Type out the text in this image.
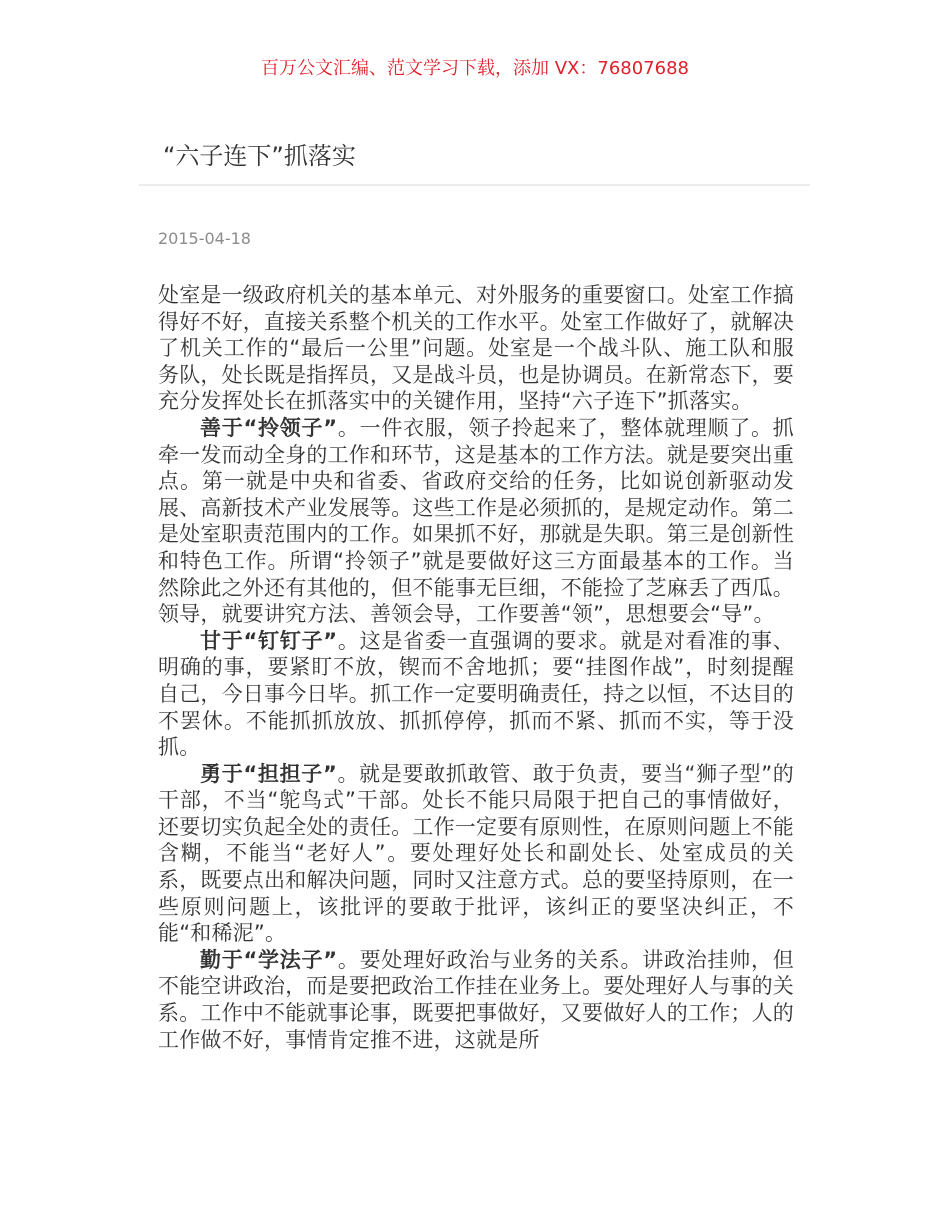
百万公文汇编、范文学习下载，添加 VX：76807688
“六子连下”抓落实
2015-04-18

处室是一级政府机关的基本单元、对外服务的重要窗口。处室工作搞得好不好，直接关系整个机关的工作水平。处室工作做好了，就解决了机关工作的“最后一公里”问题。处室是一个战斗队、施工队和服务队，处长既是指挥员，又是战斗员，也是协调员。在新常态下，要充分发挥处长在抓落实中的关键作用，坚持“六子连下”抓落实。

善于“拎领子”。一件衣服，领子拎起来了，整体就理顺了。抓牵一发而动全身的工作和环节，这是基本的工作方法。就是要突出重点。第一就是中央和省委、省政府交给的任务，比如说创新驱动发展、高新技术产业发展等。这些工作是必须抓的，是规定动作。第二是处室职责范围内的工作。如果抓不好，那就是失职。第三是创新性和特色工作。所谓“拎领子”就是要做好这三方面最基本的工作。当然除此之外还有其他的，但不能事无巨细，不能捡了芝麻丢了西瓜。领导，就要讲究方法、善领会导，工作要善“领”，思想要会“导”。

甘于“钉钉子”。这是省委一直强调的要求。就是对看准的事、明确的事，要紧盯不放，锲而不舍地抓；要“挂图作战”，时刻提醒自己，今日事今日毕。抓工作一定要明确责任，持之以恒，不达目的不罢休。不能抓抓放放、抓抓停停，抓而不紧、抓而不实，等于没抓。

勇于“担担子”。就是要敢抓敢管、敢于负责，要当“狮子型”的干部，不当“鸵鸟式”干部。处长不能只局限于把自己的事情做好，还要切实负起全处的责任。工作一定要有原则性，在原则问题上不能含糊，不能当“老好人”。要处理好处长和副处长、处室成员的关系，既要点出和解决问题，同时又注意方式。总的要坚持原则，在一些原则问题上，该批评的要敢于批评，该纠正的要坚决纠正，不能“和稀泥”。

勤于“学法子”。要处理好政治与业务的关系。讲政治挂帅，但不能空讲政治，而是要把政治工作挂在业务上。要处理好人与事的关系。工作中不能就事论事，既要把事做好，又要做好人的工作；人的工作做不好，事情肯定推不进，这就是所
